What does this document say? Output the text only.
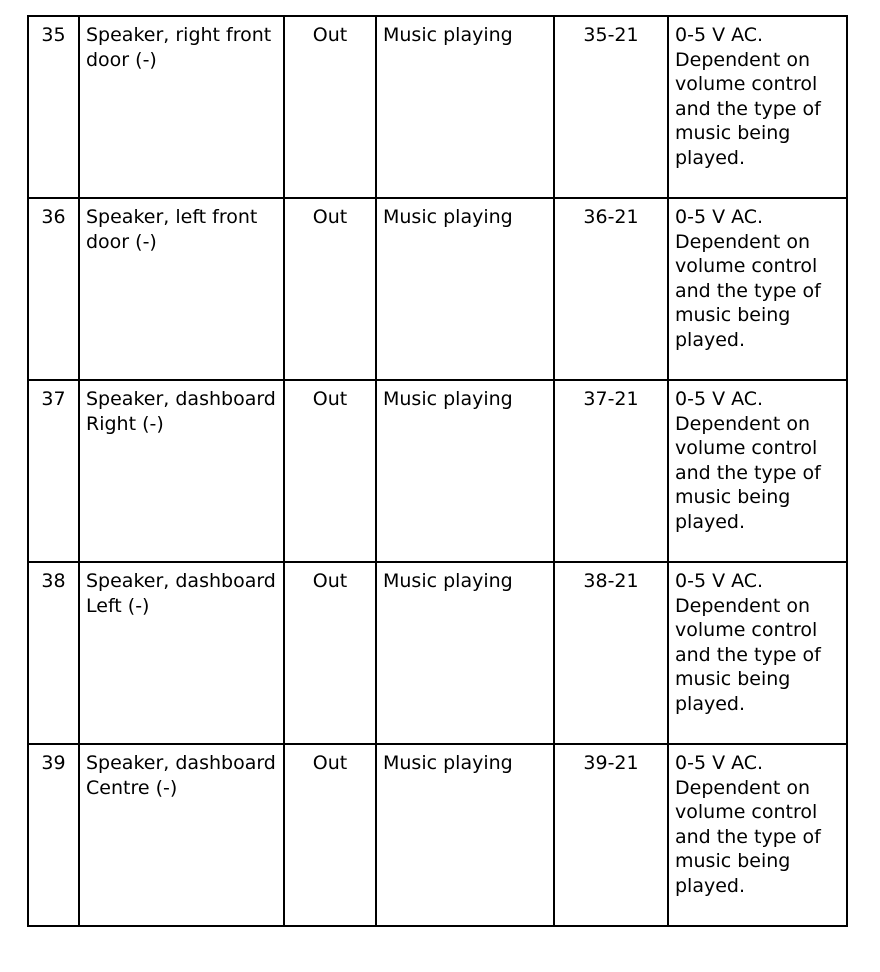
35	Speaker, right front door (-)	Out	Music playing	35-21	0-5 V AC. Dependent on volume control and the type of music being played.
36	Speaker, left front door (-)	Out	Music playing	36-21	0-5 V AC. Dependent on volume control and the type of music being played.
37	Speaker, dashboard Right (-)	Out	Music playing	37-21	0-5 V AC. Dependent on volume control and the type of music being played.
38	Speaker, dashboard Left (-)	Out	Music playing	38-21	0-5 V AC. Dependent on volume control and the type of music being played.
39	Speaker, dashboard Centre (-)	Out	Music playing	39-21	0-5 V AC. Dependent on volume control and the type of music being played.
